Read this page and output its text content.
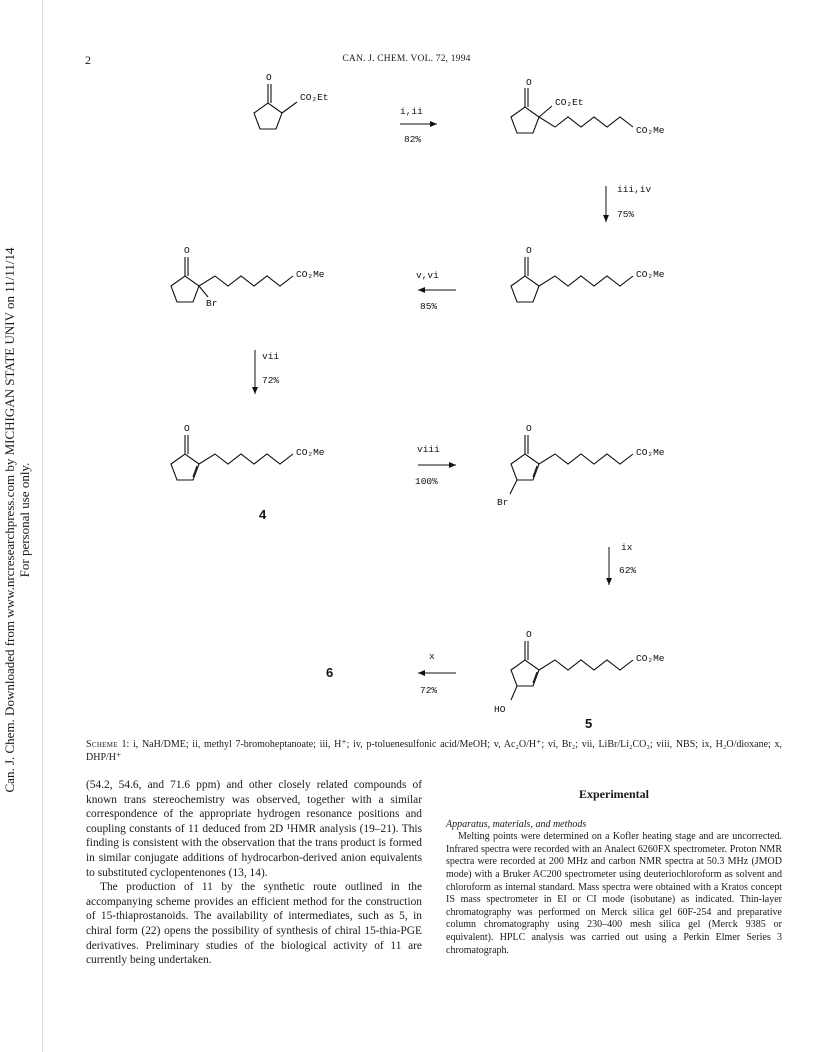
Can. J. Chem. Downloaded from www.nrcresearchpress.com by MICHIGAN STATE UNIV on 11/11/14 For personal use only.
2	CAN. J. CHEM. VOL. 72, 1994
O
CO₂Et
i,ii
82%
O
CO₂Et
CO₂Me
iii,iv
75%
O
CO₂Me
v,vi
85%
O
CO₂Me
Br
vii
72%
O
CO₂Me
4
viii
100%
O
CO₂Me
Br
ix
62%
O
CO₂Me
HO
5
x
72%
6
Scheme 1: i, NaH/DME; ii, methyl 7-bromoheptanoate; iii, H⁺; iv, p-toluenesulfonic acid/MeOH; v, Ac₂O/H⁺; vi, Br₂; vii, LiBr/Li₂CO₃; viii, NBS; ix, H₂O/dioxane; x, DHP/H⁺

(54.2, 54.6, and 71.6 ppm) and other closely related compounds of known trans stereochemistry was observed, together with a similar correspondence of the appropriate hydrogen resonance positions and coupling constants of 11 deduced from 2D ¹HMR analysis (19–21). This finding is consistent with the observation that the trans product is formed in similar conjugate additions of hydrocarbon-derived anion equivalents to substituted cyclopentenones (13, 14).

The production of 11 by the synthetic route outlined in the accompanying scheme provides an efficient method for the construction of 15-thiaprostanoids. The availability of intermediates, such as 5, in chiral form (22) opens the possibility of synthesis of chiral 15-thia-PGE derivatives. Preliminary studies of the biological activity of 11 are currently being undertaken.

Experimental
Apparatus, materials, and methods

Melting points were determined on a Kofler heating stage and are uncorrected. Infrared spectra were recorded with an Analect 6260FX spectrometer. Proton NMR spectra were recorded at 200 MHz and carbon NMR spectra at 50.3 MHz (JMOD mode) with a Bruker AC200 spectrometer using deuteriochloroform as solvent and chloroform as internal standard. Mass spectra were obtained with a Kratos concept IS mass spectrometer in EI or CI mode (isobutane) as indicated. Thin-layer chromatography was performed on Merck silica gel 60F-254 and preparative column chromatography using 230–400 mesh silica gel (Merck 9385 or equivalent). HPLC analysis was carried out using a Perkin Elmer Series 3 chromatograph.
